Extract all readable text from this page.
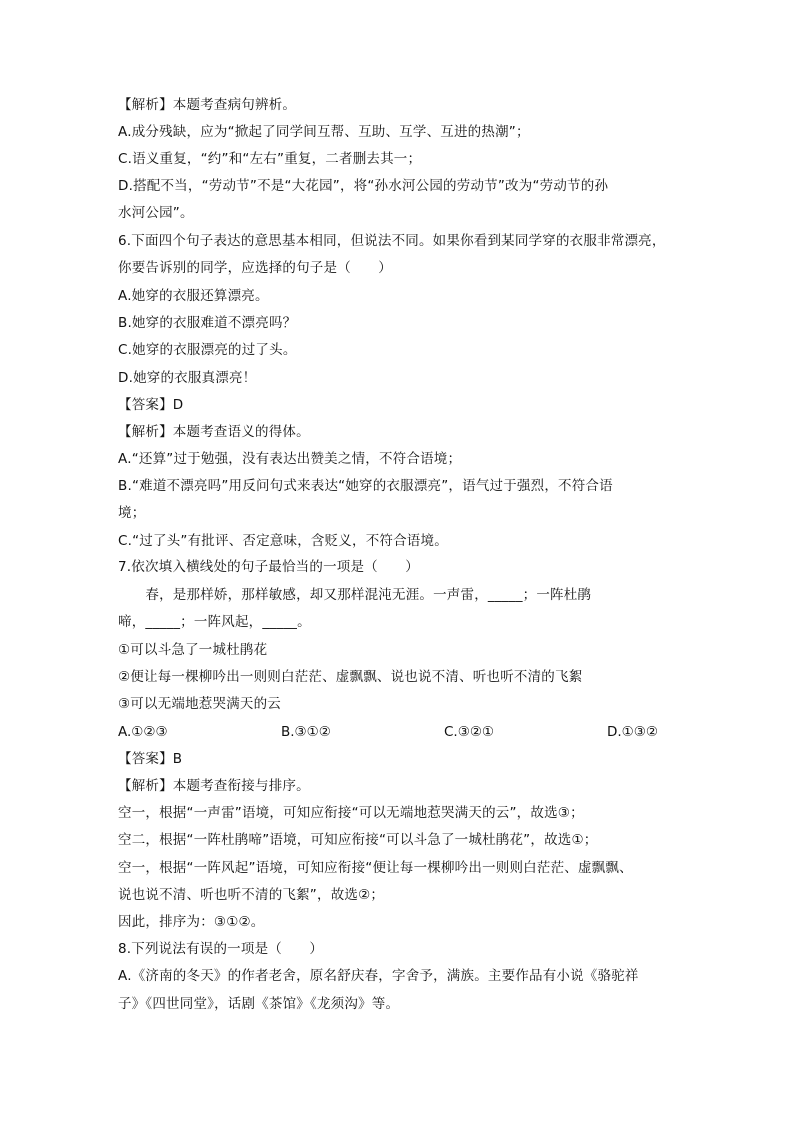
【解析】本题考查病句辨析。
A.成分残缺，应为“掀起了同学间互帮、互助、互学、互进的热潮”；
C.语义重复，“约”和“左右”重复，二者删去其一；
D.搭配不当，“劳动节”不是“大花园”，将“孙水河公园的劳动节”改为“劳动节的孙
水河公园”。
6.下面四个句子表达的意思基本相同，但说法不同。如果你看到某同学穿的衣服非常漂亮，
你要告诉别的同学，应选择的句子是（　　）
A.她穿的衣服还算漂亮。
B.她穿的衣服难道不漂亮吗？
C.她穿的衣服漂亮的过了头。
D.她穿的衣服真漂亮！
【答案】D
【解析】本题考查语义的得体。
A.“还算”过于勉强，没有表达出赞美之情，不符合语境；
B.“难道不漂亮吗”用反问句式来表达“她穿的衣服漂亮”，语气过于强烈，不符合语
境；
C.“过了头”有批评、否定意味，含贬义，不符合语境。
7.依次填入横线处的句子最恰当的一项是（　　）
　　春，是那样娇，那样敏感，却又那样混沌无涯。一声雷，_____；一阵杜鹃
啼，_____；一阵风起，_____。
①可以斗急了一城杜鹃花
②便让每一棵柳吟出一则则白茫茫、虚飘飘、说也说不清、听也听不清的飞絮
③可以无端地惹哭满天的云
A.①②③	B.③①②	C.③②①	D.①③②
【答案】B
【解析】本题考查衔接与排序。
空一，根据“一声雷”语境，可知应衔接“可以无端地惹哭满天的云”，故选③；
空二，根据“一阵杜鹃啼”语境，可知应衔接“可以斗急了一城杜鹃花”，故选①；
空一，根据“一阵风起”语境，可知应衔接“便让每一棵柳吟出一则则白茫茫、虚飘飘、
说也说不清、听也听不清的飞絮”，故选②；
因此，排序为：③①②。
8.下列说法有误的一项是（　　）
A.《济南的冬天》的作者老舍，原名舒庆春，字舍予，满族。主要作品有小说《骆驼祥
子》《四世同堂》，话剧《茶馆》《龙须沟》等。
